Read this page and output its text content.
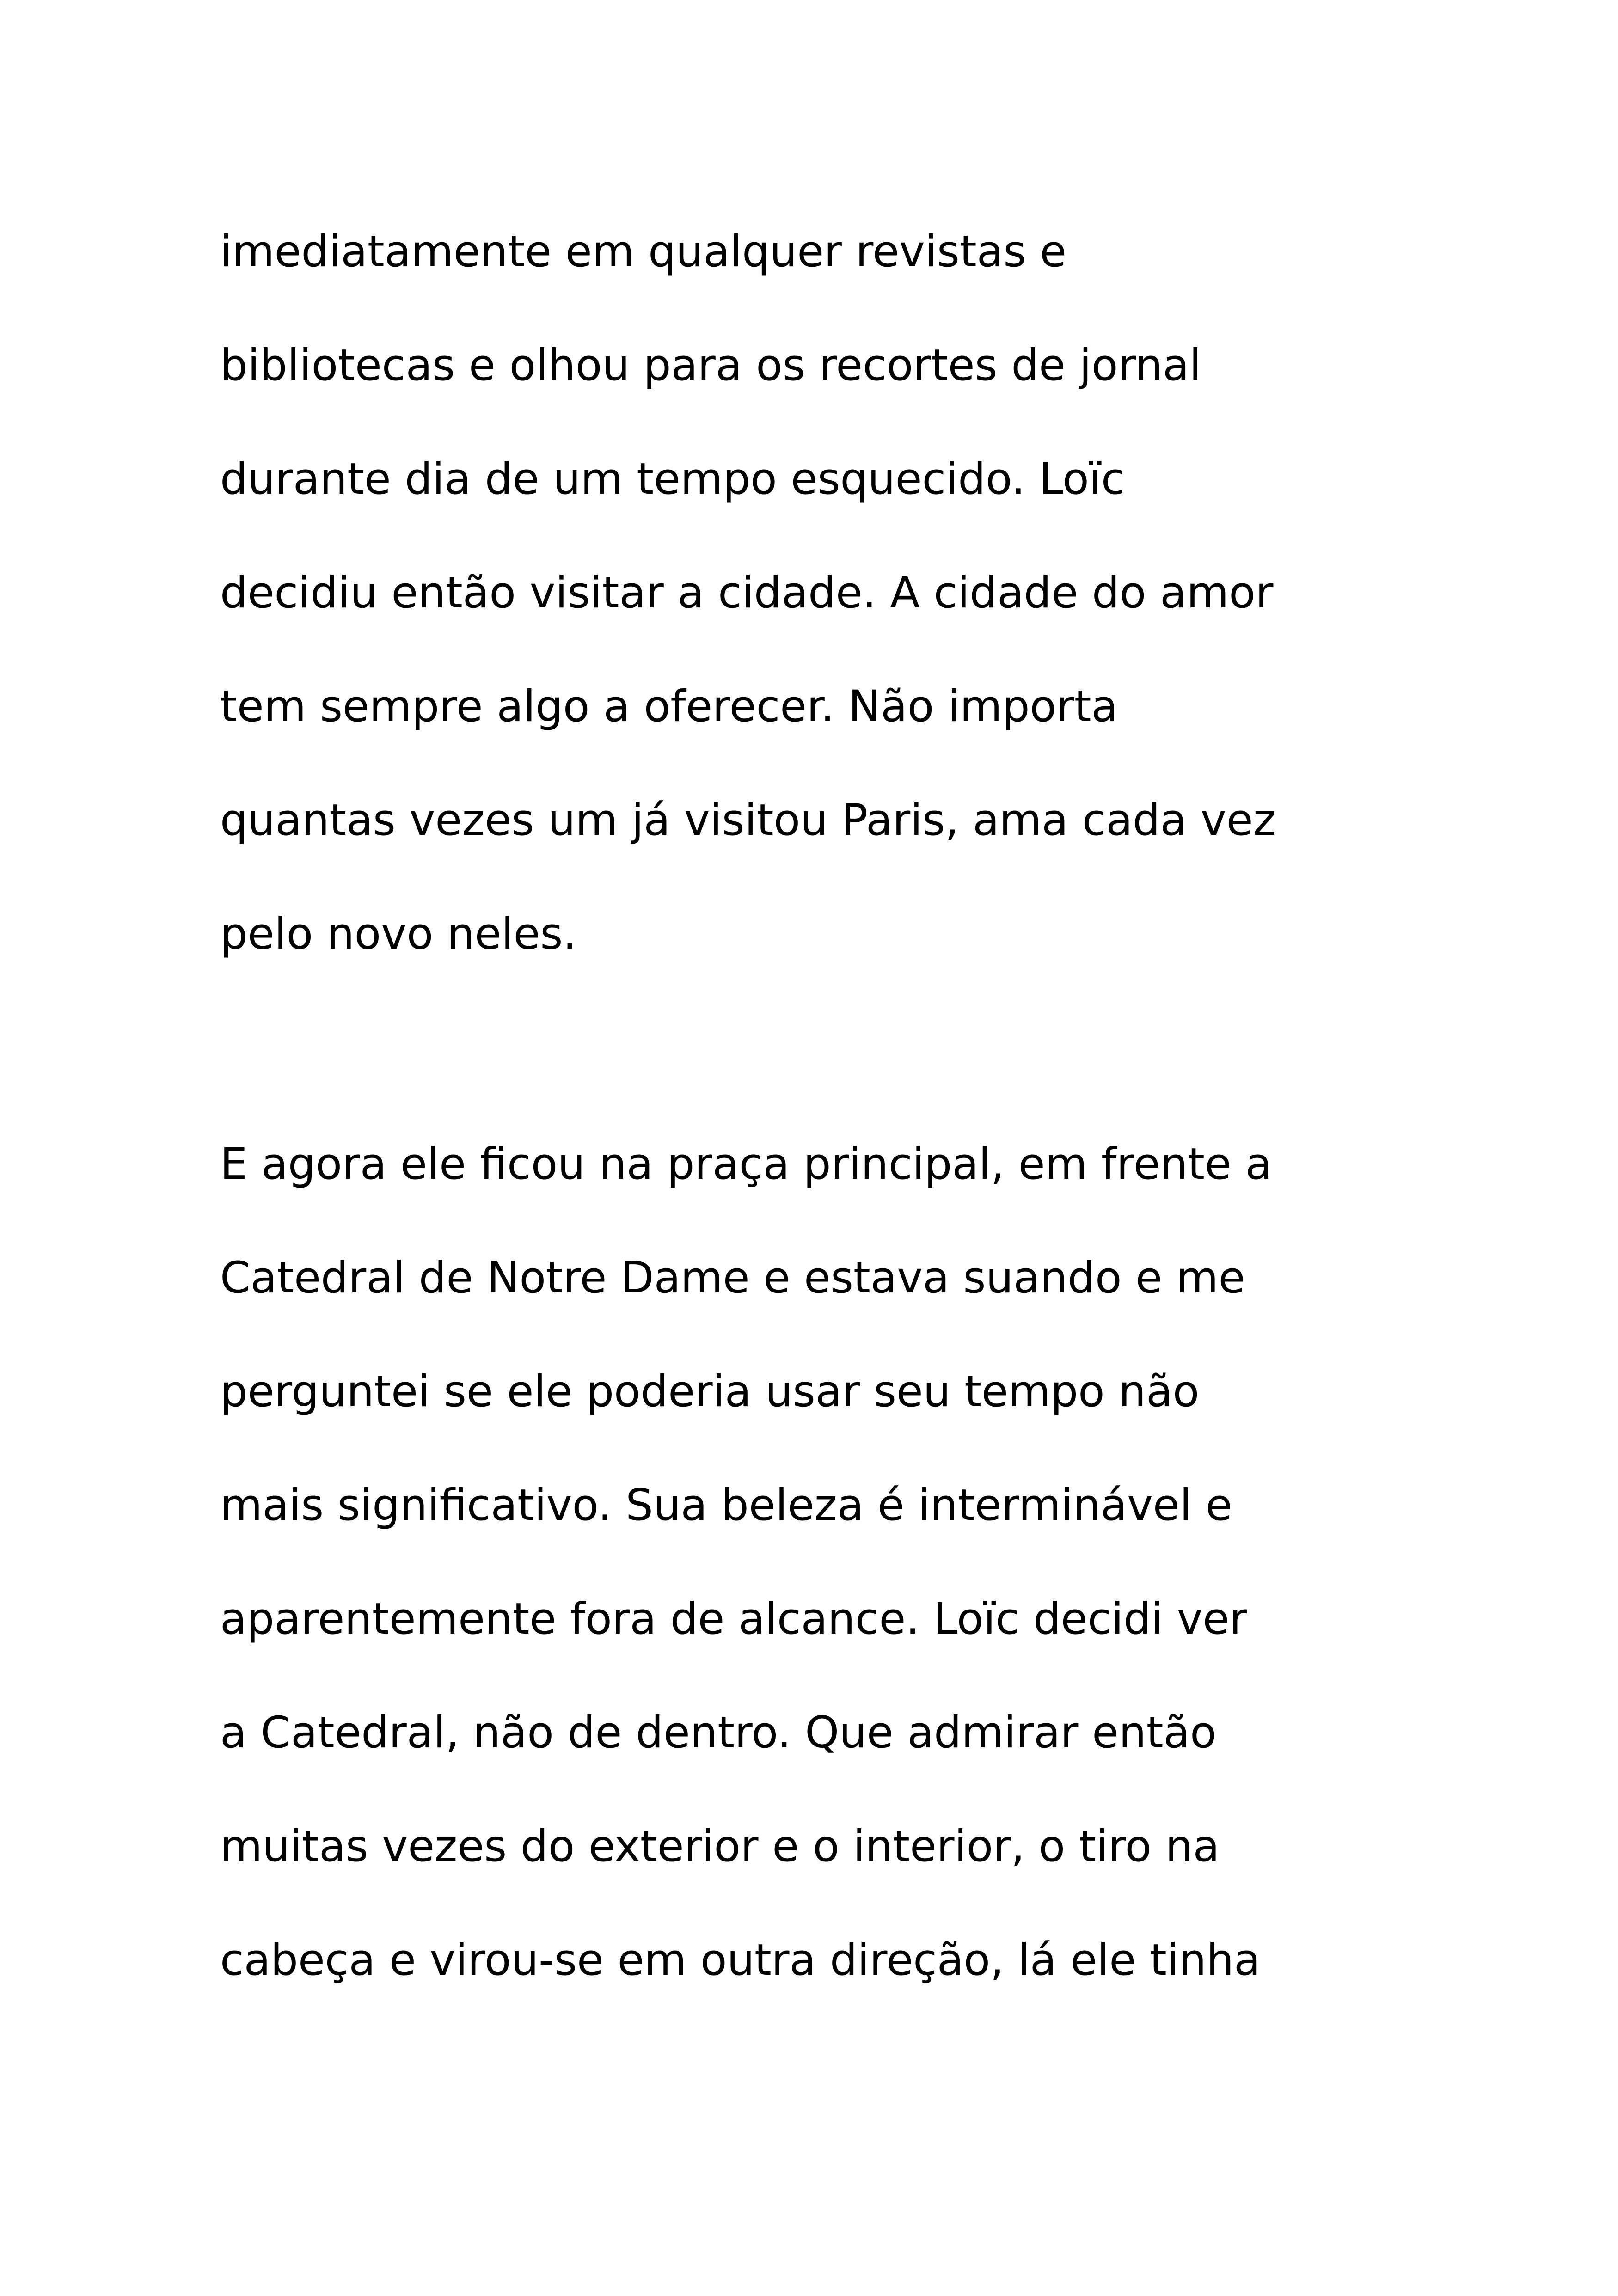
imediatamente em qualquer revistas e
bibliotecas e olhou para os recortes de jornal
durante dia de um tempo esquecido. Loïc
decidiu então visitar a cidade. A cidade do amor
tem sempre algo a oferecer. Não importa
quantas vezes um já visitou Paris, ama cada vez
pelo novo neles.

E agora ele ficou na praça principal, em frente a
Catedral de Notre Dame e estava suando e me
perguntei se ele poderia usar seu tempo não
mais significativo. Sua beleza é interminável e
aparentemente fora de alcance. Loïc decidi ver
a Catedral, não de dentro. Que admirar então
muitas vezes do exterior e o interior, o tiro na
cabeça e virou-se em outra direção, lá ele tinha
